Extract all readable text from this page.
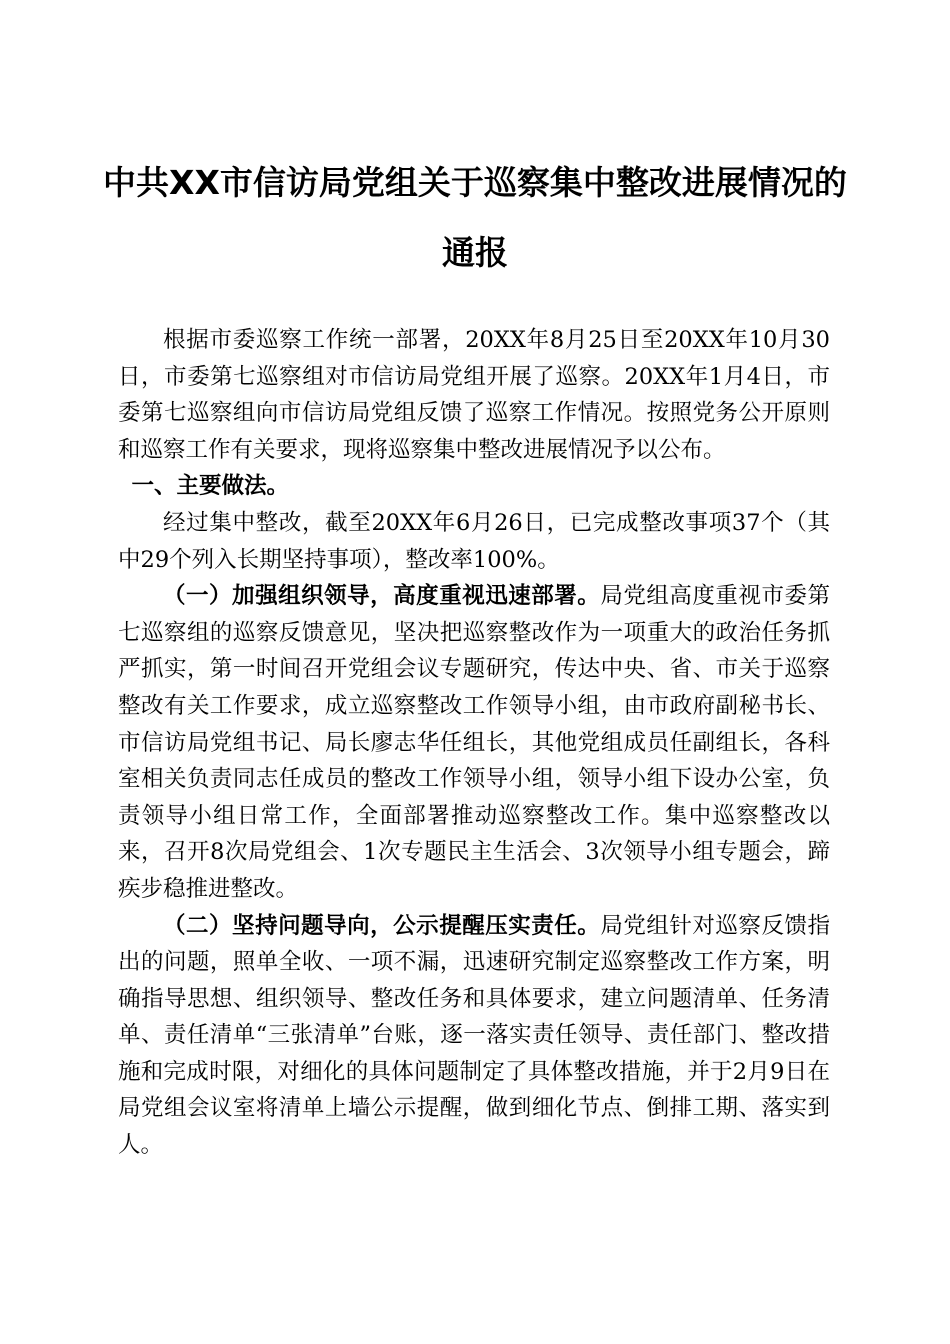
中共XX市信访局党组关于巡察集中整改进展情况的通报

根据市委巡察工作统一部署，20XX年8月25日至20XX年10月30日，市委第七巡察组对市信访局党组开展了巡察。20XX年1月4日，市委第七巡察组向市信访局党组反馈了巡察工作情况。按照党务公开原则和巡察工作有关要求，现将巡察集中整改进展情况予以公布。

一、主要做法。

经过集中整改，截至20XX年6月26日，已完成整改事项37个（其中29个列入长期坚持事项），整改率100%。

（一）加强组织领导，高度重视迅速部署。局党组高度重视市委第七巡察组的巡察反馈意见，坚决把巡察整改作为一项重大的政治任务抓严抓实，第一时间召开党组会议专题研究，传达中央、省、市关于巡察整改有关工作要求，成立巡察整改工作领导小组，由市政府副秘书长、市信访局党组书记、局长廖志华任组长，其他党组成员任副组长，各科室相关负责同志任成员的整改工作领导小组，领导小组下设办公室，负责领导小组日常工作，全面部署推动巡察整改工作。集中巡察整改以来，召开8次局党组会、1次专题民主生活会、3次领导小组专题会，蹄疾步稳推进整改。

（二）坚持问题导向，公示提醒压实责任。局党组针对巡察反馈指出的问题，照单全收、一项不漏，迅速研究制定巡察整改工作方案，明确指导思想、组织领导、整改任务和具体要求，建立问题清单、任务清单、责任清单“三张清单”台账，逐一落实责任领导、责任部门、整改措施和完成时限，对细化的具体问题制定了具体整改措施，并于2月9日在局党组会议室将清单上墙公示提醒，做到细化节点、倒排工期、落实到人。
